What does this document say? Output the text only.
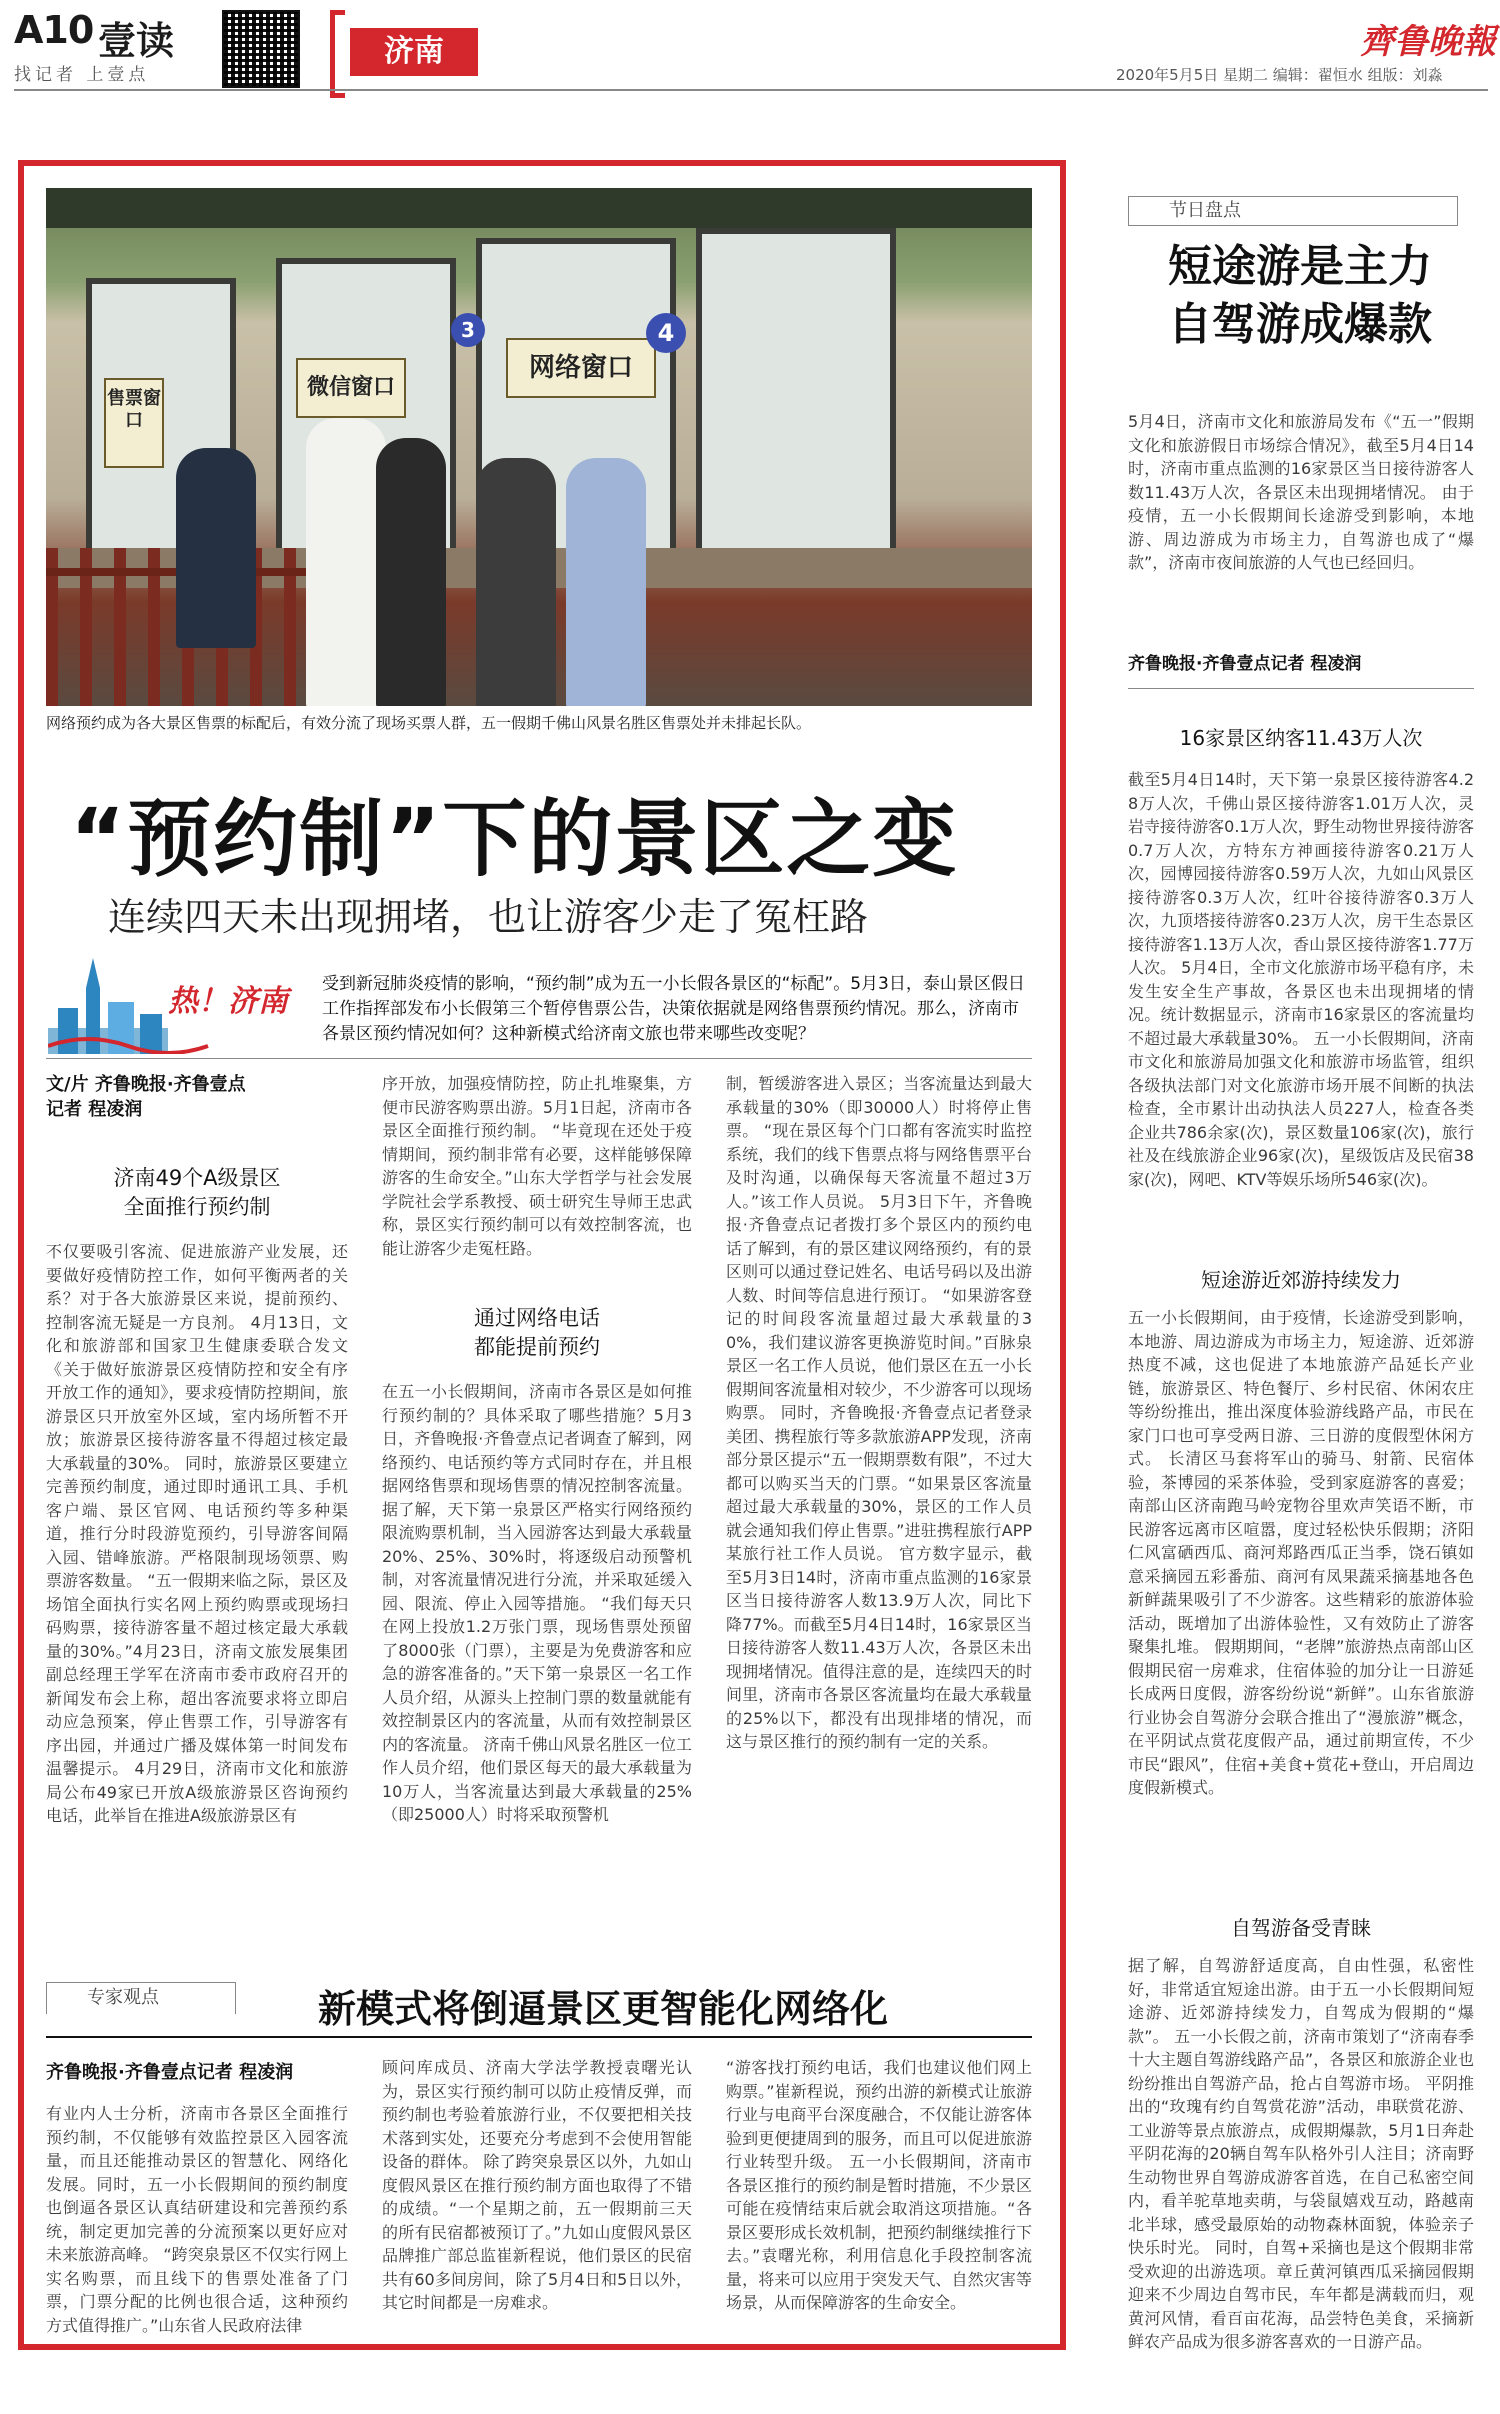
A10 壹读
找记者 上壹点
济南	齊鲁晚報
2020年5月5日 星期二 编辑：翟恒水 组版：刘淼
售票窗口
微信窗口
网络窗口
4
3
网络预约成为各大景区售票的标配后，有效分流了现场买票人群，五一假期千佛山风景名胜区售票处并未排起长队。
“预约制”下的景区之变
连续四天未出现拥堵，也让游客少走了冤枉路
热！济南 受到新冠肺炎疫情的影响，“预约制”成为五一小长假各景区的“标配”。5月3日，泰山景区假日工作指挥部发布小长假第三个暂停售票公告，决策依据就是网络售票预约情况。那么，济南市各景区预约情况如何？这种新模式给济南文旅也带来哪些改变呢？
文/片 齐鲁晚报·齐鲁壹点
记者 程凌润
济南49个A级景区
全面推行预约制
不仅要吸引客流、促进旅游产业发展，还要做好疫情防控工作，如何平衡两者的关系？对于各大旅游景区来说，提前预约、控制客流无疑是一方良剂。 4月13日，文化和旅游部和国家卫生健康委联合发文《关于做好旅游景区疫情防控和安全有序开放工作的通知》，要求疫情防控期间，旅游景区只开放室外区域，室内场所暂不开放；旅游景区接待游客量不得超过核定最大承载量的30%。 同时，旅游景区要建立完善预约制度，通过即时通讯工具、手机客户端、景区官网、电话预约等多种渠道，推行分时段游览预约，引导游客间隔入园、错峰旅游。严格限制现场领票、购票游客数量。 “五一假期来临之际，景区及场馆全面执行实名网上预约购票或现场扫码购票，接待游客量不超过核定最大承载量的30%。”4月23日，济南文旅发展集团副总经理王学军在济南市委市政府召开的新闻发布会上称，超出客流要求将立即启动应急预案，停止售票工作，引导游客有序出园，并通过广播及媒体第一时间发布温馨提示。 4月29日，济南市文化和旅游局公布49家已开放A级旅游景区咨询预约电话，此举旨在推进A级旅游景区有
序开放，加强疫情防控，防止扎堆聚集，方便市民游客购票出游。5月1日起，济南市各景区全面推行预约制。 “毕竟现在还处于疫情期间，预约制非常有必要，这样能够保障游客的生命安全。”山东大学哲学与社会发展学院社会学系教授、硕士研究生导师王忠武称，景区实行预约制可以有效控制客流，也能让游客少走冤枉路。
通过网络电话
都能提前预约
在五一小长假期间，济南市各景区是如何推行预约制的？具体采取了哪些措施？5月3日，齐鲁晚报·齐鲁壹点记者调查了解到，网络预约、电话预约等方式同时存在，并且根据网络售票和现场售票的情况控制客流量。 据了解，天下第一泉景区严格实行网络预约限流购票机制，当入园游客达到最大承载量20%、25%、30%时，将逐级启动预警机制，对客流量情况进行分流，并采取延缓入园、限流、停止入园等措施。 “我们每天只在网上投放1.2万张门票，现场售票处预留了8000张（门票），主要是为免费游客和应急的游客准备的。”天下第一泉景区一名工作人员介绍，从源头上控制门票的数量就能有效控制景区内的客流量，从而有效控制景区内的客流量。 济南千佛山风景名胜区一位工作人员介绍，他们景区每天的最大承载量为10万人，当客流量达到最大承载量的25%（即25000人）时将采取预警机
制，暂缓游客进入景区；当客流量达到最大承载量的30%（即30000人）时将停止售票。 “现在景区每个门口都有客流实时监控系统，我们的线下售票点将与网络售票平台及时沟通，以确保每天客流量不超过3万人。”该工作人员说。 5月3日下午，齐鲁晚报·齐鲁壹点记者拨打多个景区内的预约电话了解到，有的景区建议网络预约，有的景区则可以通过登记姓名、电话号码以及出游人数、时间等信息进行预订。 “如果游客登记的时间段客流量超过最大承载量的30%，我们建议游客更换游览时间。”百脉泉景区一名工作人员说，他们景区在五一小长假期间客流量相对较少，不少游客可以现场购票。 同时，齐鲁晚报·齐鲁壹点记者登录美团、携程旅行等多款旅游APP发现，济南部分景区提示“五一假期票数有限”，不过大都可以购买当天的门票。“如果景区客流量超过最大承载量的30%，景区的工作人员就会通知我们停止售票。”进驻携程旅行APP某旅行社工作人员说。 官方数字显示，截至5月3日14时，济南市重点监测的16家景区当日接待游客人数13.9万人次，同比下降77%。而截至5月4日14时，16家景区当日接待游客人数11.43万人次，各景区未出现拥堵情况。值得注意的是，连续四天的时间里，济南市各景区客流量均在最大承载量的25%以下，都没有出现排堵的情况，而这与景区推行的预约制有一定的关系。
专家观点	新模式将倒逼景区更智能化网络化
齐鲁晚报·齐鲁壹点记者 程凌润
有业内人士分析，济南市各景区全面推行预约制，不仅能够有效监控景区入园客流量，而且还能推动景区的智慧化、网络化发展。同时，五一小长假期间的预约制度也倒逼各景区认真结研建设和完善预约系统，制定更加完善的分流预案以更好应对未来旅游高峰。 “跨突泉景区不仅实行网上实名购票，而且线下的售票处准备了门票，门票分配的比例也很合适，这种预约方式值得推广。”山东省人民政府法律
顾问库成员、济南大学法学教授袁曙光认为，景区实行预约制可以防止疫情反弹，而预约制也考验着旅游行业，不仅要把相关技术落到实处，还要充分考虑到不会使用智能设备的群体。 除了跨突泉景区以外，九如山度假风景区在推行预约制方面也取得了不错的成绩。“一个星期之前，五一假期前三天的所有民宿都被预订了。”九如山度假风景区品牌推广部总监崔新程说，他们景区的民宿共有60多间房间，除了5月4日和5日以外，其它时间都是一房难求。
“游客找打预约电话，我们也建议他们网上购票。”崔新程说，预约出游的新模式让旅游行业与电商平台深度融合，不仅能让游客体验到更便捷周到的服务，而且可以促进旅游行业转型升级。 五一小长假期间，济南市各景区推行的预约制是暂时措施，不少景区可能在疫情结束后就会取消这项措施。“各景区要形成长效机制，把预约制继续推行下去。”袁曙光称，利用信息化手段控制客流量，将来可以应用于突发天气、自然灾害等场景，从而保障游客的生命安全。
节日盘点
短途游是主力
自驾游成爆款
5月4日，济南市文化和旅游局发布《“五一”假期文化和旅游假日市场综合情况》，截至5月4日14时，济南市重点监测的16家景区当日接待游客人数11.43万人次，各景区未出现拥堵情况。 由于疫情，五一小长假期间长途游受到影响，本地游、周边游成为市场主力，自驾游也成了“爆款”，济南市夜间旅游的人气也已经回归。
齐鲁晚报·齐鲁壹点记者 程凌润
16家景区纳客11.43万人次
截至5月4日14时，天下第一泉景区接待游客4.28万人次，千佛山景区接待游客1.01万人次，灵岩寺接待游客0.1万人次，野生动物世界接待游客0.7万人次，方特东方神画接待游客0.21万人次，园博园接待游客0.59万人次，九如山风景区接待游客0.3万人次，红叶谷接待游客0.3万人次，九顶塔接待游客0.23万人次，房干生态景区接待游客1.13万人次，香山景区接待游客1.77万人次。 5月4日，全市文化旅游市场平稳有序，未发生安全生产事故，各景区也未出现拥堵的情况。统计数据显示，济南市16家景区的客流量均不超过最大承载量30%。 五一小长假期间，济南市文化和旅游局加强文化和旅游市场监管，组织各级执法部门对文化旅游市场开展不间断的执法检查，全市累计出动执法人员227人，检查各类企业共786余家(次)，景区数量106家(次)，旅行社及在线旅游企业96家(次)，星级饭店及民宿38家(次)，网吧、KTV等娱乐场所546家(次)。
短途游近郊游持续发力
五一小长假期间，由于疫情，长途游受到影响，本地游、周边游成为市场主力，短途游、近郊游热度不减，这也促进了本地旅游产品延长产业链，旅游景区、特色餐厅、乡村民宿、休闲农庄等纷纷推出，推出深度体验游线路产品，市民在家门口也可享受两日游、三日游的度假型休闲方式。 长清区马套将军山的骑马、射箭、民宿体验，茶博园的采茶体验，受到家庭游客的喜爱；南部山区济南跑马岭宠物谷里欢声笑语不断，市民游客远离市区喧嚣，度过轻松快乐假期；济阳仁风富硒西瓜、商河郑路西瓜正当季，饶石镇如意采摘园五彩番茄、商河有凤果蔬采摘基地各色新鲜蔬果吸引了不少游客。这些精彩的旅游体验活动，既增加了出游体验性，又有效防止了游客聚集扎堆。 假期期间，“老牌”旅游热点南部山区假期民宿一房难求，住宿体验的加分让一日游延长成两日度假，游客纷纷说“新鲜”。山东省旅游行业协会自驾游分会联合推出了“漫旅游”概念，在平阴试点赏花度假产品，通过前期宣传，不少市民“跟风”，住宿+美食+赏花+登山，开启周边度假新模式。
自驾游备受青睐
据了解，自驾游舒适度高，自由性强，私密性好，非常适宜短途出游。由于五一小长假期间短途游、近郊游持续发力，自驾成为假期的“爆款”。 五一小长假之前，济南市策划了“济南春季十大主题自驾游线路产品”，各景区和旅游企业也纷纷推出自驾游产品，抢占自驾游市场。 平阴推出的“玫瑰有约自驾赏花游”活动，串联赏花游、工业游等景点旅游点，成假期爆款，5月1日奔赴平阴花海的20辆自驾车队格外引人注目；济南野生动物世界自驾游成游客首选，在自己私密空间内，看羊驼草地卖萌，与袋鼠嬉戏互动，路越南北半球，感受最原始的动物森林面貌，体验亲子快乐时光。 同时，自驾+采摘也是这个假期非常受欢迎的出游选项。章丘黄河镇西瓜采摘园假期迎来不少周边自驾市民，车年都是满载而归，观黄河风情，看百亩花海，品尝特色美食，采摘新鲜农产品成为很多游客喜欢的一日游产品。
